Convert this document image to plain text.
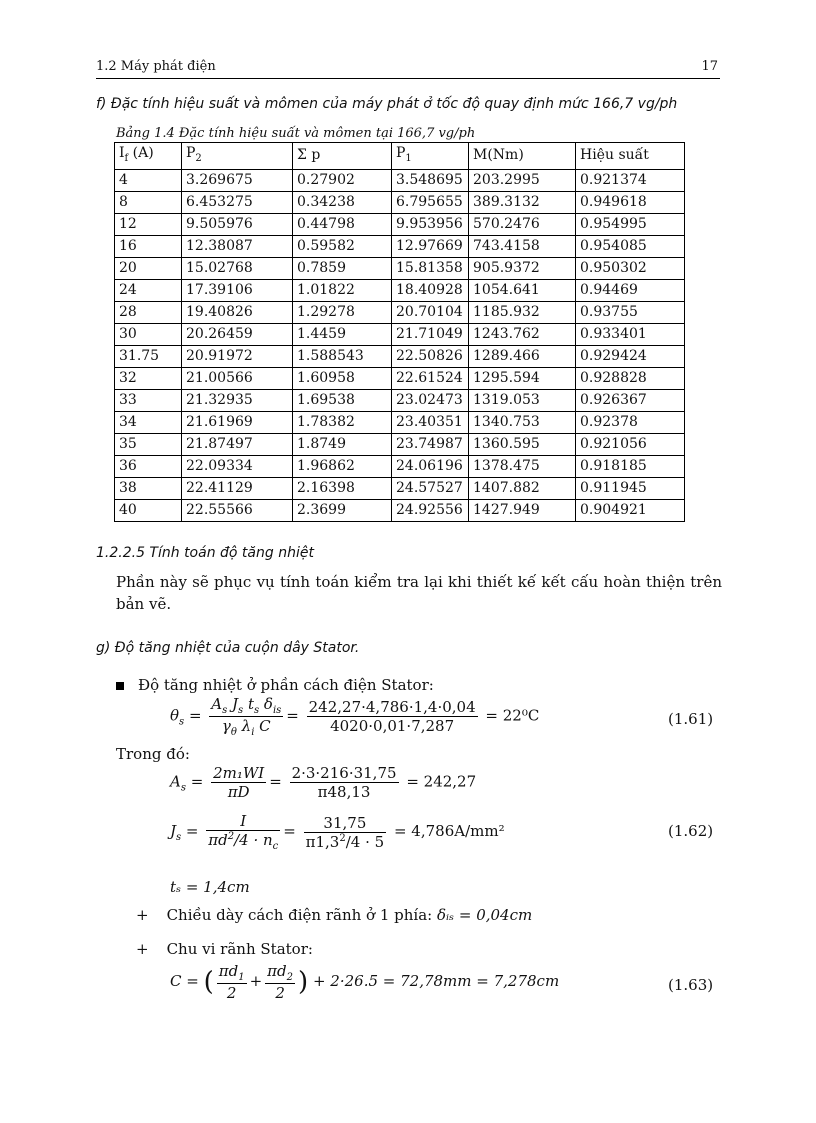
1.2 Máy phát điện	17
f) Đặc tính hiệu suất và mômen của máy phát ở tốc độ quay định mức 166,7 vg/ph
Bảng 1.4 Đặc tính hiệu suất và mômen tại 166,7 vg/ph
$I_f$ (A)	$P_2$	Σ p	$P_1$	M(Nm)	Hiệu suất
4	3.269675	0.27902	3.548695	203.2995	0.921374
8	6.453275	0.34238	6.795655	389.3132	0.949618
12	9.505976	0.44798	9.953956	570.2476	0.954995
16	12.38087	0.59582	12.97669	743.4158	0.954085
20	15.02768	0.7859	15.81358	905.9372	0.950302
24	17.39106	1.01822	18.40928	1054.641	0.94469
28	19.40826	1.29278	20.70104	1185.932	0.93755
30	20.26459	1.4459	21.71049	1243.762	0.933401
31.75	20.91972	1.588543	22.50826	1289.466	0.929424
32	21.00566	1.60958	22.61524	1295.594	0.928828
33	21.32935	1.69538	23.02473	1319.053	0.926367
34	21.61969	1.78382	23.40351	1340.753	0.92378
35	21.87497	1.8749	23.74987	1360.595	0.921056
36	22.09334	1.96862	24.06196	1378.475	0.918185
38	22.41129	2.16398	24.57527	1407.882	0.911945
40	22.55566	2.3699	24.92556	1427.949	0.904921
1.2.2.5 Tính toán độ tăng nhiệt
Phần này sẽ phục vụ tính toán kiểm tra lại khi thiết kế kết cấu hoàn thiện trên bản vẽ.
g) Độ tăng nhiệt của cuộn dây Stator.
Độ tăng nhiệt ở phần cách điện Stator:
$\theta_s = \frac{A_s J_s t_s \delta_{is}}{\gamma_\theta \lambda_i C} = \frac{242,27\cdot 4,786\cdot 1,4\cdot 0,04}{4020\cdot 0,01\cdot 7,287} = 22^0C$	(1.61)
Trong đó:
$A_s = \frac{\text{2m₁WI}}{\pi D} = \frac{2\cdot 3\cdot 216\cdot 31,75}{\pi 48,13} = 242,27$
$J_s = \frac{I}{\pi d^2/4 \cdot n_c} = \frac{31,75}{\pi 1,3^2/4 \cdot 5} = 4,786A/mm^2$	(1.62)
tₛ = 1,4cm
+ Chiều dày cách điện rãnh ở 1 phía: δᵢₛ = 0,04cm
+ Chu vi rãnh Stator:
C = ( $\frac{\pi d_1}{2} + \frac{\pi d_2}{2}$ ) + 2·26.5 = 72,78mm = 7,278cm	(1.63)
